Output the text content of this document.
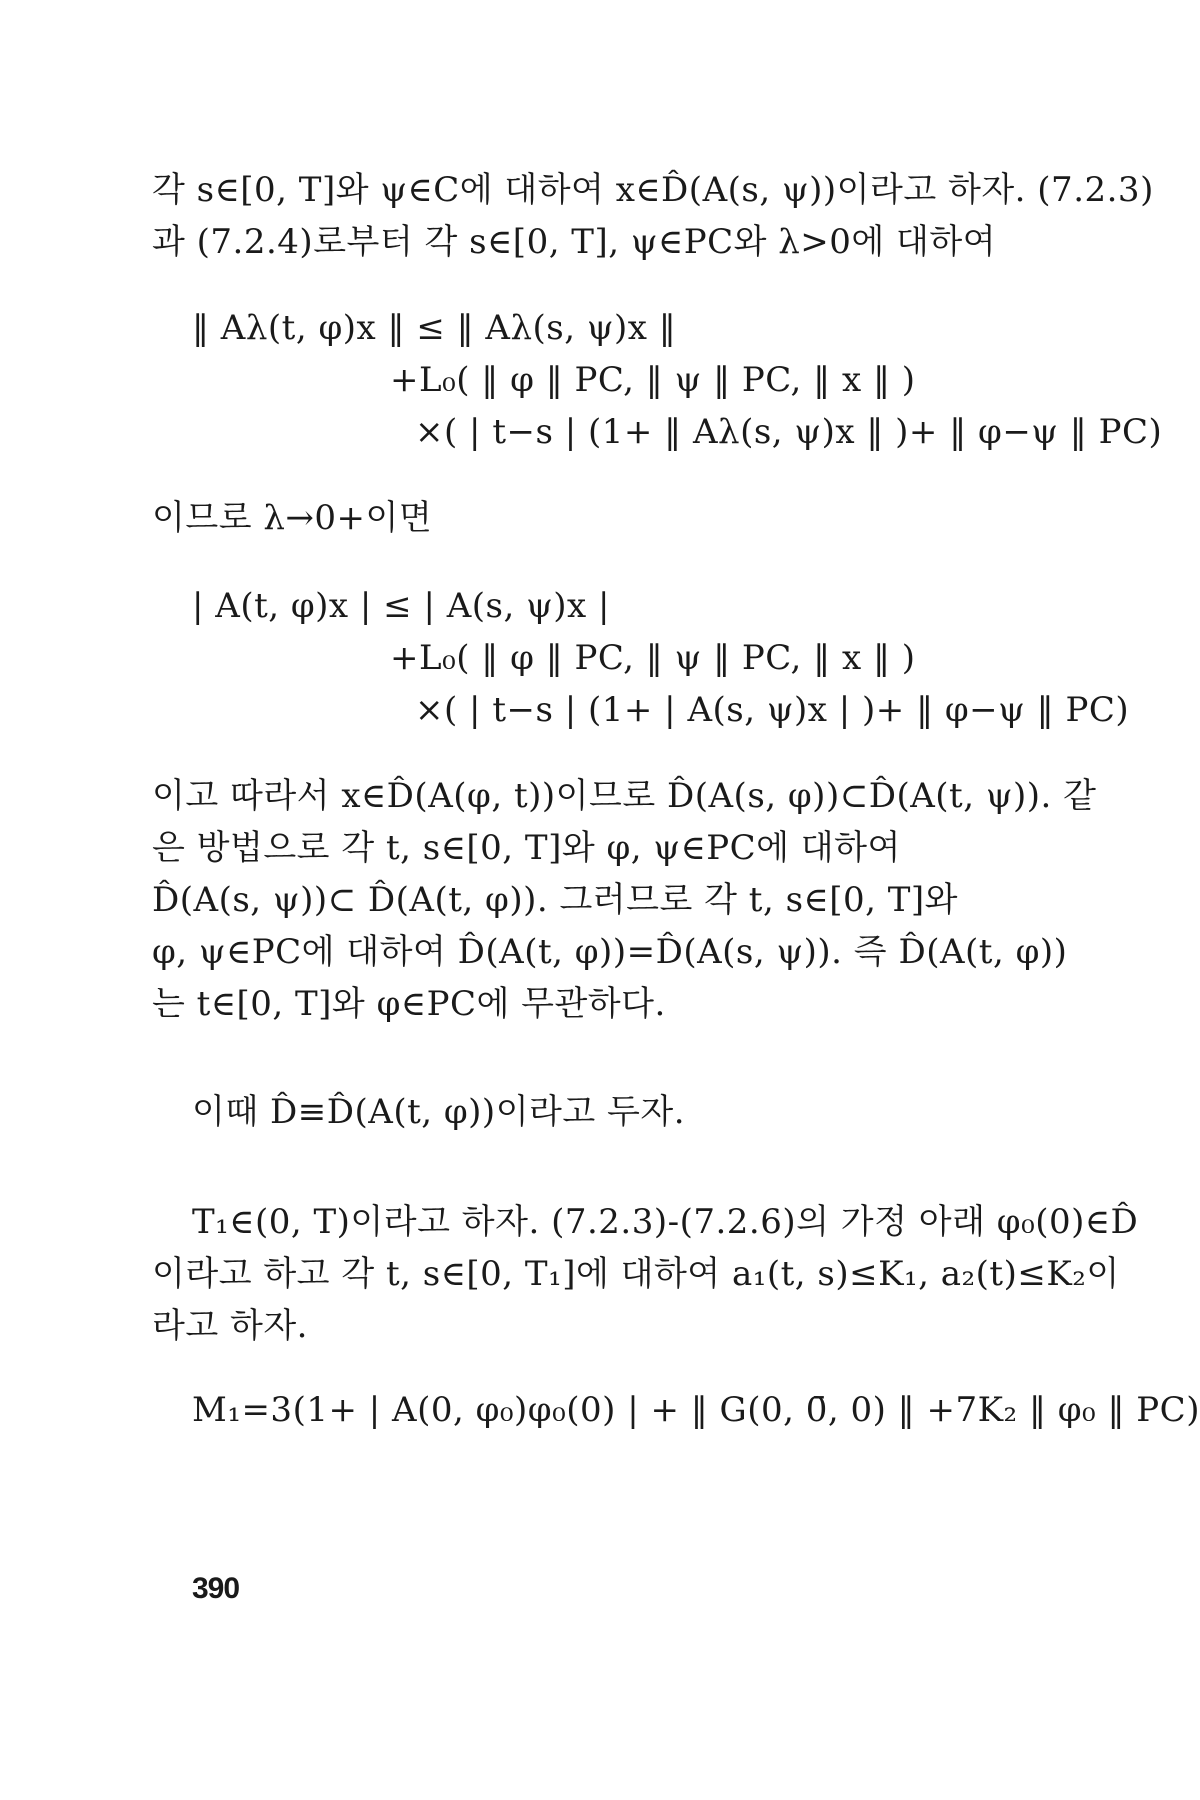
각 s∈[0, T]와 ψ∈C에 대하여 x∈D̂(A(s, ψ))이라고 하자. (7.2.3)
과 (7.2.4)로부터 각 s∈[0, T], ψ∈PC와 λ>0에 대하여
‖ Aλ(t, φ)x ‖ ≤ ‖ Aλ(s, ψ)x ‖
+L₀( ‖ φ ‖ PC, ‖ ψ ‖ PC, ‖ x ‖ )
×( | t−s | (1+ ‖ Aλ(s, ψ)x ‖ )+ ‖ φ−ψ ‖ PC)
이므로 λ→0+이면
| A(t, φ)x | ≤ | A(s, ψ)x |
+L₀( ‖ φ ‖ PC, ‖ ψ ‖ PC, ‖ x ‖ )
×( | t−s | (1+ | A(s, ψ)x | )+ ‖ φ−ψ ‖ PC)
이고 따라서 x∈D̂(A(φ, t))이므로 D̂(A(s, φ))⊂D̂(A(t, ψ)). 같
은 방법으로 각 t, s∈[0, T]와 φ, ψ∈PC에 대하여
D̂(A(s, ψ))⊂ D̂(A(t, φ)). 그러므로 각 t, s∈[0, T]와
φ, ψ∈PC에 대하여 D̂(A(t, φ))=D̂(A(s, ψ)). 즉 D̂(A(t, φ))
는 t∈[0, T]와 φ∈PC에 무관하다.
이때 D̂≡D̂(A(t, φ))이라고 두자.
T₁∈(0, T)이라고 하자. (7.2.3)-(7.2.6)의 가정 아래 φ₀(0)∈D̂
이라고 하고 각 t, s∈[0, T₁]에 대하여 a₁(t, s)≤K₁, a₂(t)≤K₂이
라고 하자.
M₁=3(1+ | A(0, φ₀)φ₀(0) | + ‖ G(0, 0̄, 0) ‖ +7K₂ ‖ φ₀ ‖ PC)
390
